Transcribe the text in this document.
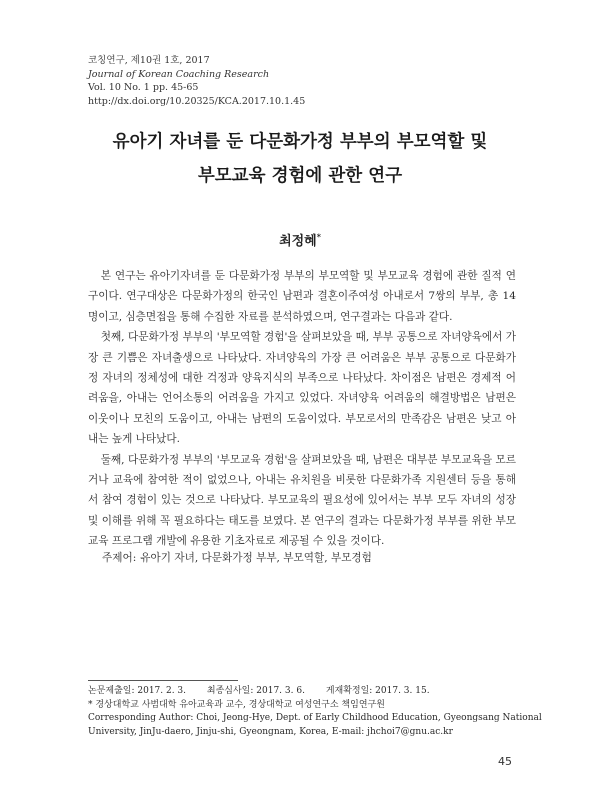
코칭연구, 제10권 1호, 2017
Journal of Korean Coaching Research
Vol. 10 No. 1 pp. 45-65
http://dx.doi.org/10.20325/KCA.2017.10.1.45
유아기 자녀를 둔 다문화가정 부부의 부모역할 및
부모교육 경험에 관한 연구
최정혜*

본 연구는 유아기자녀를 둔 다문화가정 부부의 부모역할 및 부모교육 경험에 관한 질적 연구이다. 연구대상은 다문화가정의 한국인 남편과 결혼이주여성 아내로서 7쌍의 부부, 총 14명이고, 심층면접을 통해 수집한 자료를 분석하였으며, 연구결과는 다음과 같다.

첫째, 다문화가정 부부의 '부모역할 경험'을 살펴보았을 때, 부부 공통으로 자녀양육에서 가장 큰 기쁨은 자녀출생으로 나타났다. 자녀양육의 가장 큰 어려움은 부부 공통으로 다문화가정 자녀의 정체성에 대한 걱정과 양육지식의 부족으로 나타났다. 차이점은 남편은 경제적 어려움을, 아내는 언어소통의 어려움을 가지고 있었다. 자녀양육 어려움의 해결방법은 남편은 이웃이나 모친의 도움이고, 아내는 남편의 도움이었다. 부모로서의 만족감은 남편은 낮고 아내는 높게 나타났다.

둘째, 다문화가정 부부의 '부모교육 경험'을 살펴보았을 때, 남편은 대부분 부모교육을 모르거나 교육에 참여한 적이 없었으나, 아내는 유치원을 비롯한 다문화가족 지원센터 등을 통해서 참여 경험이 있는 것으로 나타났다. 부모교육의 필요성에 있어서는 부부 모두 자녀의 성장 및 이해를 위해 꼭 필요하다는 태도를 보였다. 본 연구의 결과는 다문화가정 부부를 위한 부모교육 프로그램 개발에 유용한 기초자료로 제공될 수 있을 것이다.

주제어: 유아기 자녀, 다문화가정 부부, 부모역할, 부모경험
논문제출일: 2017. 2. 3. 최종심사일: 2017. 3. 6. 게재확정일: 2017. 3. 15.
* 경상대학교 사범대학 유아교육과 교수, 경상대학교 여성연구소 책임연구원
Corresponding Author: Choi, Jeong-Hye, Dept. of Early Childhood Education, Gyeongsang National
University, JinJu-daero, Jinju-shi, Gyeongnam, Korea, E-mail: jhchoi7@gnu.ac.kr
45
